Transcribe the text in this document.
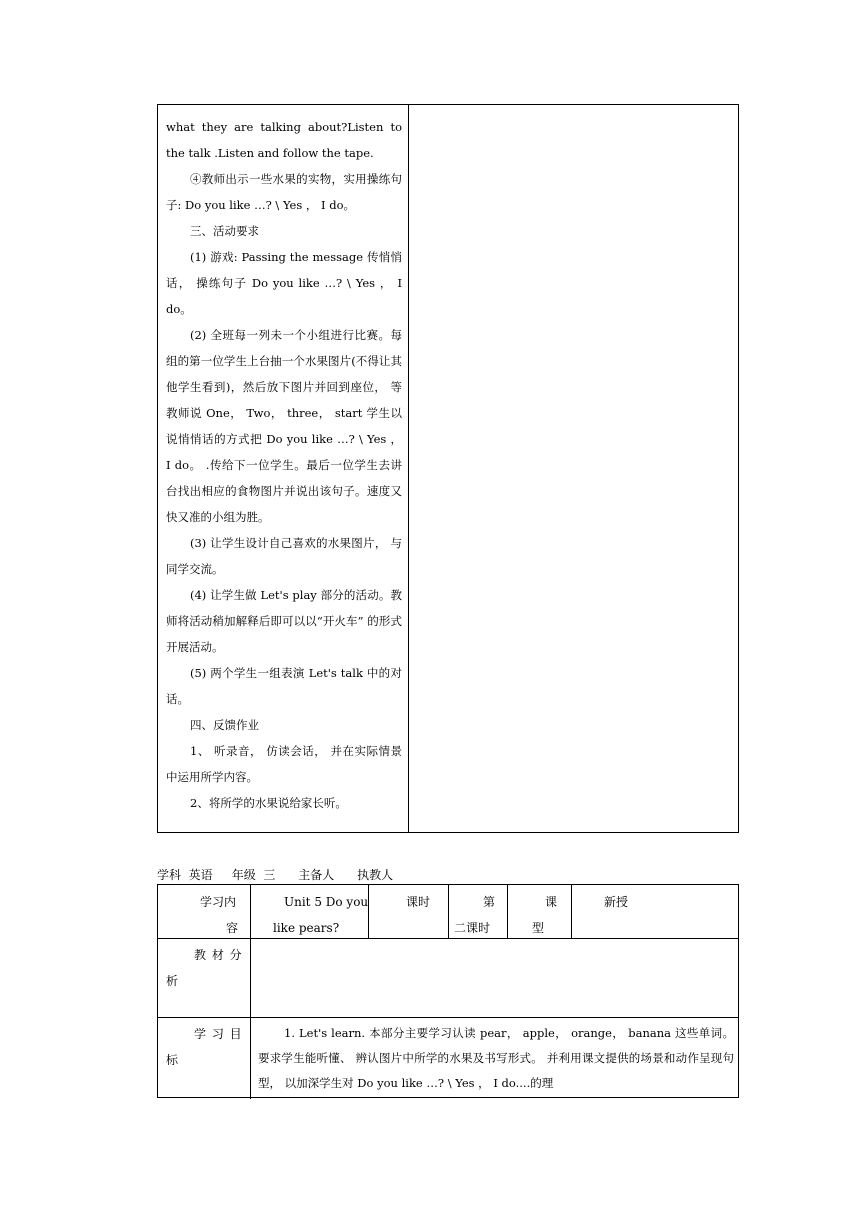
what they are talking about?Listen to the talk .Listen and follow the tape.

④教师出示一些水果的实物，实用操练句子: Do you like …? \ Yes ， I do。

三、活动要求

(1) 游戏: Passing the message 传悄悄话， 操练句子 Do you like …? \ Yes ， I do。

(2) 全班每一列未一个小组进行比赛。每组的第一位学生上台抽一个水果图片(不得让其他学生看到)，然后放下图片并回到座位， 等教师说 One， Two， three， start 学生以说悄悄话的方式把 Do you like …? \ Yes ， I do。 .传给下一位学生。最后一位学生去讲台找出相应的食物图片并说出该句子。速度又快又准的小组为胜。

(3) 让学生设计自己喜欢的水果图片， 与同学交流。

(4) 让学生做 Let's play 部分的活动。教师将活动稍加解释后即可以以“开火车” 的形式开展活动。

(5) 两个学生一组表演 Let's talk 中的对话。

四、反馈作业

1、 听录音， 仿读会话， 并在实际情景中运用所学内容。

2、将所学的水果说给家长听。

学科  英语     年级  三      主备人      执教人
学习内
容
Unit 5 Do you
like pears?
课时	第
二课时
课
型
新授
教 材 分
析
学 习 目
标
1. Let's learn. 本部分主要学习认读 pear， apple， orange， banana 这些单词。 要求学生能听懂、 辨认图片中所学的水果及书写形式。 并利用课文提供的场景和动作呈现句型， 以加深学生对 Do you like …? \ Yes ， I do....的理
